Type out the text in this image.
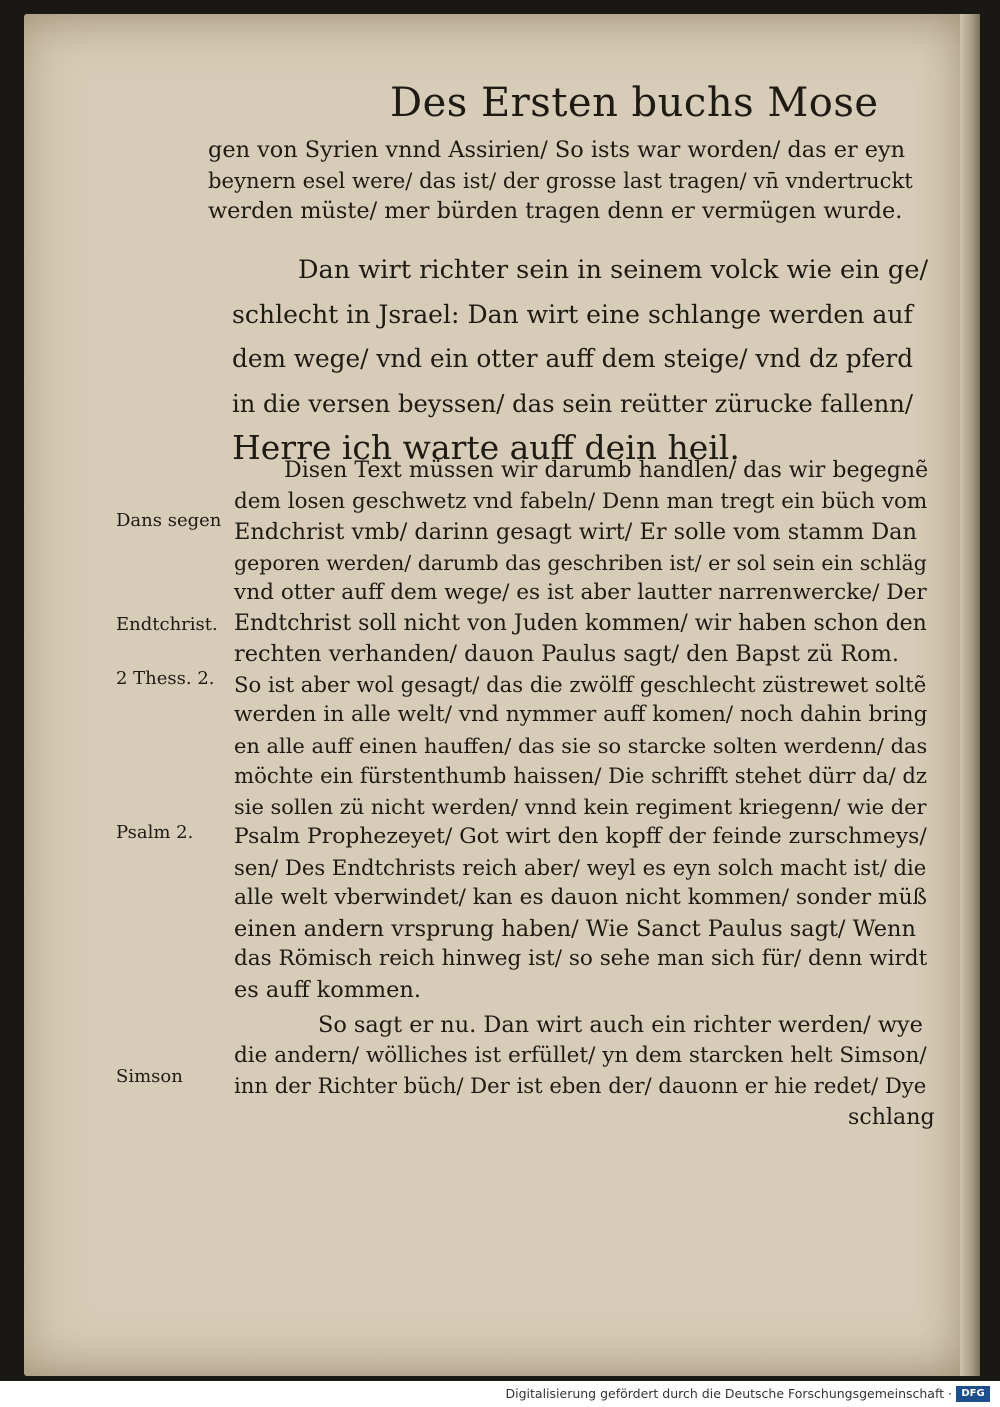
Des Ersten buchs Mose
gen von Syrien vnnd Assirien/ So ists war worden/ das er eyn
beynern esel were/ das ist/ der grosse last tragen/ vn̄ vndertruckt
werden müste/ mer bürden tragen denn er vermügen wurde.
Dan wirt richter sein in seinem volck wie ein ge/
schlecht in Jsrael: Dan wirt eine schlange werden auf
dem wege/ vnd ein otter auff dem steige/ vnd dz pferd
in die versen beyssen/ das sein reütter zürucke fallenn/
Herre ich warte auff dein heil.
Disen Text müssen wir darumb handlen/ das wir begegnẽ
dem losen geschwetz vnd fabeln/ Denn man tregt ein büch vom
Endchrist vmb/ darinn gesagt wirt/ Er solle vom stamm Dan
geporen werden/ darumb das geschriben ist/ er sol sein ein schläg
vnd otter auff dem wege/ es ist aber lautter narrenwercke/ Der
Endtchrist soll nicht von Juden kommen/ wir haben schon den
rechten verhanden/ dauon Paulus sagt/ den Bapst zü Rom.
So ist aber wol gesagt/ das die zwölff geschlecht züstrewet soltẽ
werden in alle welt/ vnd nymmer auff komen/ noch dahin bring
en alle auff einen hauffen/ das sie so starcke solten werdenn/ das
möchte ein fürstenthumb haissen/ Die schrifft stehet dürr da/ dz
sie sollen zü nicht werden/ vnnd kein regiment kriegenn/ wie der
Psalm Prophezeyet/ Got wirt den kopff der feinde zurschmeys/
sen/ Des Endtchrists reich aber/ weyl es eyn solch macht ist/ die
alle welt vberwindet/ kan es dauon nicht kommen/ sonder müß
einen andern vrsprung haben/ Wie Sanct Paulus sagt/ Wenn
das Römisch reich hinweg ist/ so sehe man sich für/ denn wirdt
es auff kommen.
So sagt er nu. Dan wirt auch ein richter werden/ wye
die andern/ wölliches ist erfüllet/ yn dem starcken helt Simson/
inn der Richter büch/ Der ist eben der/ dauonn er hie redet/ Dye
schlang
Dans segen
Endtchrist.
2 Thess. 2.
Psalm 2.
Simson
Digitalisierung gefördert durch die Deutsche Forschungsgemeinschaft · DFG
